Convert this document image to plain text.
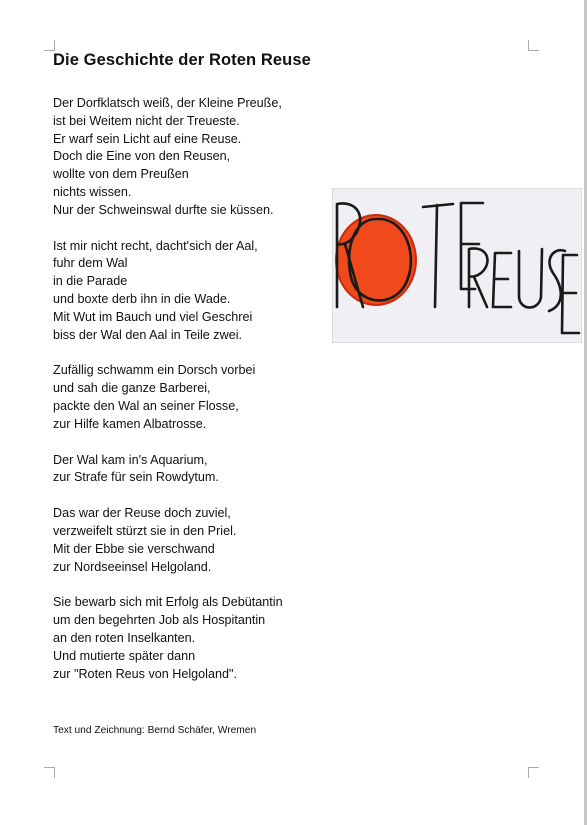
Die Geschichte der Roten Reuse
Der Dorfklatsch weiß, der Kleine Preuße,
ist bei Weitem nicht der Treueste.
Er warf sein Licht auf eine Reuse.
Doch die Eine von den Reusen,
wollte von dem Preußen
nichts wissen.
Nur der Schweinswal durfte sie küssen.
Ist mir nicht recht, dacht'sich der Aal,
fuhr dem Wal
in die Parade
und boxte derb ihn in die Wade.
Mit Wut im Bauch und viel Geschrei
biss der Wal den Aal in Teile zwei.
Zufällig schwamm ein Dorsch vorbei
und sah die ganze Barberei,
packte den Wal an seiner Flosse,
zur Hilfe kamen Albatrosse.
Der Wal kam in's Aquarium,
zur Strafe für sein Rowdytum.
Das war der Reuse doch zuviel,
verzweifelt stürzt sie in den Priel.
Mit der Ebbe sie verschwand
zur Nordseeinsel Helgoland.
Sie bewarb sich mit Erfolg als Debütantin
um den begehrten Job als Hospitantin
an den roten Inselkanten.
Und mutierte später dann
zur "Roten Reus von Helgoland".
Text und Zeichnung: Bernd Schäfer, Wremen
